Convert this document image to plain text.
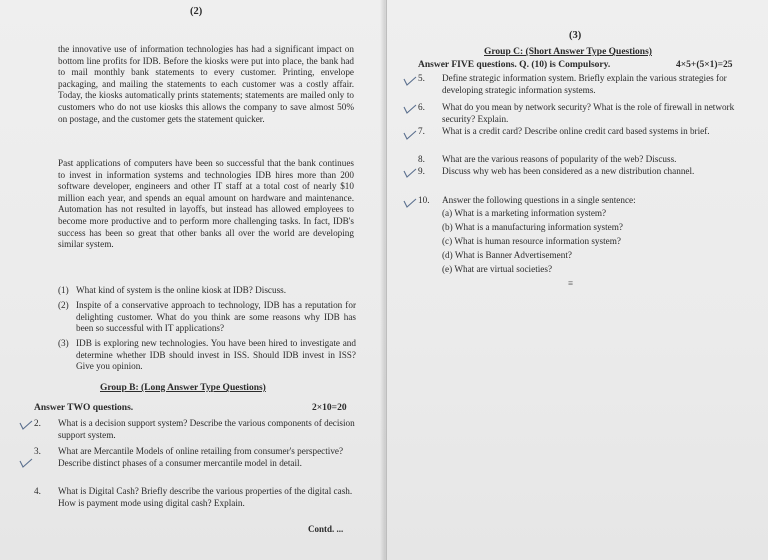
(2)

the innovative use of information technologies has had a significant impact on bottom line profits for IDB. Before the kiosks were put into place, the bank had to mail monthly bank statements to every customer. Printing, envelope packaging, and mailing the statements to each customer was a costly affair. Today, the kiosks automatically prints statements; statements are mailed only to customers who do not use kiosks this allows the company to save almost 50% on postage, and the customer gets the statement quicker.

Past applications of computers have been so successful that the bank continues to invest in information systems and technologies IDB hires more than 200 software developer, engineers and other IT staff at a total cost of nearly $10 million each year, and spends an equal amount on hardware and maintenance. Automation has not resulted in layoffs, but instead has allowed employees to become more productive and to perform more challenging tasks. In fact, IDB's success has been so great that other banks all over the world are developing similar system.

(1) What kind of system is the online kiosk at IDB? Discuss.
(2) Inspite of a conservative approach to technology, IDB has a reputation for delighting customer. What do you think are some reasons why IDB has been so successful with IT applications?
(3) IDB is exploring new technologies. You have been hired to investigate and determine whether IDB should invest in ISS. Should IDB invest in ISS? Give you opinion.
Group B: (Long Answer Type Questions)
Answer TWO questions.	2×10=20
2. What is a decision support system? Describe the various components of decision support system.
3. What are Mercantile Models of online retailing from consumer's perspective? Describe distinct phases of a consumer mercantile model in detail.
4. What is Digital Cash? Briefly describe the various properties of the digital cash. How is payment mode using digital cash? Explain.
Contd. ...
(3)
Group C: (Short Answer Type Questions)
Answer FIVE questions. Q. (10) is Compulsory.	4×5+(5×1)=25
5. Define strategic information system. Briefly explain the various strategies for developing strategic information systems.
6. What do you mean by network security? What is the role of firewall in network security? Explain.
7. What is a credit card? Describe online credit card based systems in brief.
8. What are the various reasons of popularity of the web? Discuss.
9. Discuss why web has been considered as a new distribution channel.
10. Answer the following questions in a single sentence:
(a) What is a marketing information system?
(b) What is a manufacturing information system?
(c) What is human resource information system?
(d) What is Banner Advertisement?
(e) What are virtual societies?
≡
